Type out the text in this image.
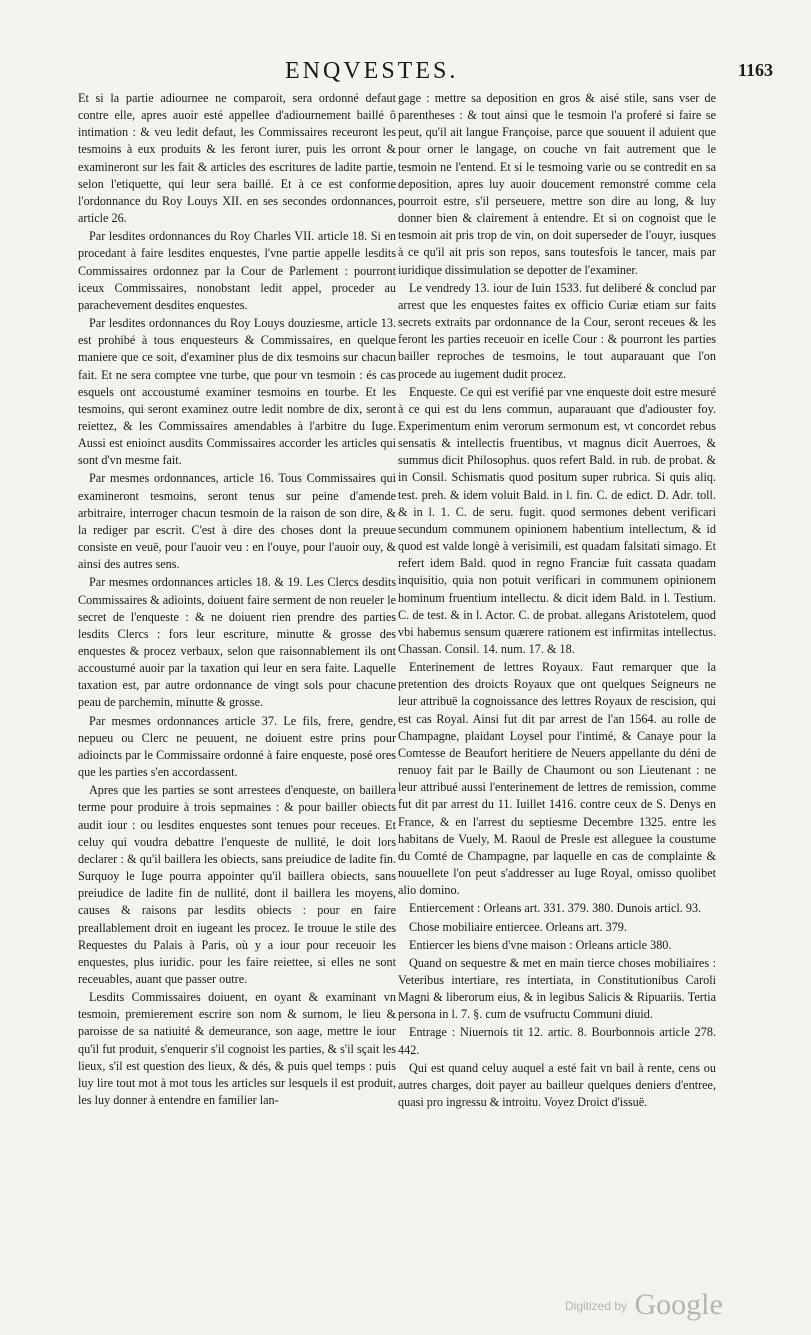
ENQVESTES.	1163

Et si la partie adiournee ne comparoit, sera ordonné defaut contre elle, apres auoir esté appellee d'adiournement baillé ô intimation : & veu ledit defaut, les Commissaires receuront les tesmoins à eux produits & les feront iurer, puis les orront & examineront sur les fait & articles des escritures de ladite partie, selon l'etiquette, qui leur sera baillé. Et à ce est conforme l'ordonnance du Roy Louys XII. en ses secondes ordonnances, article 26.

Par lesdites ordonnances du Roy Charles VII. article 18. Si en procedant à faire lesdites enquestes, l'vne partie appelle lesdits Commissaires ordonnez par la Cour de Parlement : pourront iceux Commissaires, nonobstant ledit appel, proceder au parachevement desdites enquestes.

Par lesdites ordonnances du Roy Louys douziesme, article 13. est prohibé à tous enquesteurs & Commissaires, en quelque maniere que ce soit, d'examiner plus de dix tesmoins sur chacun fait. Et ne sera comptee vne turbe, que pour vn tesmoin : és cas esquels ont accoustumé examiner tesmoins en tourbe. Et les tesmoins, qui seront examinez outre ledit nombre de dix, seront reiettez, & les Commissaires amendables à l'arbitre du Iuge. Aussi est enioinct ausdits Commissaires accorder les articles qui sont d'vn mesme fait.

Par mesmes ordonnances, article 16. Tous Commissaires qui examineront tesmoins, seront tenus sur peine d'amende arbitraire, interroger chacun tesmoin de la raison de son dire, & la rediger par escrit. C'est à dire des choses dont la preuue consiste en veuë, pour l'auoir veu : en l'ouye, pour l'auoir ouy, & ainsi des autres sens.

Par mesmes ordonnances articles 18. & 19. Les Clercs desdits Commissaires & adioints, doiuent faire serment de non reueler le secret de l'enqueste : & ne doiuent rien prendre des parties lesdits Clercs : fors leur escriture, minutte & grosse des enquestes & procez verbaux, selon que raisonnablement ils ont accoustumé auoir par la taxation qui leur en sera faite. Laquelle taxation est, par autre ordonnance de vingt sols pour chacune peau de parchemin, minutte & grosse.

Par mesmes ordonnances article 37. Le fils, frere, gendre, nepueu ou Clerc ne peuuent, ne doiuent estre prins pour adioincts par le Commissaire ordonné à faire enqueste, posé ores que les parties s'en accordassent.

Apres que les parties se sont arrestees d'enqueste, on baillera terme pour produire à trois sepmaines : & pour bailler obiects audit iour : ou lesdites enquestes sont tenues pour receues. Et celuy qui voudra debattre l'enqueste de nullité, le doit lors declarer : & qu'il baillera les obiects, sans preiudice de ladite fin. Surquoy le Iuge pourra appointer qu'il baillera obiects, sans preiudice de ladite fin de nullité, dont il baillera les moyens, causes & raisons par lesdits obiects : pour en faire preallablement droit en iugeant les procez. Ie trouue le stile des Requestes du Palais à Paris, où y a iour pour receuoir les enquestes, plus iuridic. pour les faire reiettee, si elles ne sont receuables, auant que passer outre.

Lesdits Commissaires doiuent, en oyant & examinant vn tesmoin, premierement escrire son nom & surnom, le lieu & paroisse de sa natiuité & demeurance, son aage, mettre le iour qu'il fut produit, s'enquerir s'il cognoist les parties, & s'il sçait les lieux, s'il est question des lieux, & dés, & puis quel temps : puis luy lire tout mot à mot tous les articles sur lesquels il est produit, les luy donner à entendre en familier lan-

gage : mettre sa deposition en gros & aisé stile, sans vser de parentheses : & tout ainsi que le tesmoin l'a proferé si faire se peut, qu'il ait langue Françoise, parce que souuent il aduient que pour orner le langage, on couche vn fait autrement que le tesmoin ne l'entend. Et si le tesmoing varie ou se contredit en sa deposition, apres luy auoir doucement remonstré comme cela pourroit estre, s'il perseuere, mettre son dire au long, & luy donner bien & clairement à entendre. Et si on cognoist que le tesmoin ait pris trop de vin, on doit superseder de l'ouyr, iusques à ce qu'il ait pris son repos, sans toutesfois le tancer, mais par iuridique dissimulation se depotter de l'examiner.

Le vendredy 13. iour de Iuin 1533. fut deliberé & conclud par arrest que les enquestes faites ex officio Curiæ etiam sur faits secrets extraits par ordonnance de la Cour, seront receues & les feront les parties receuoir en icelle Cour : & pourront les parties bailler reproches de tesmoins, le tout auparauant que l'on procede au iugement dudit procez.

Enqueste. Ce qui est verifié par vne enqueste doit estre mesuré à ce qui est du lens commun, auparauant que d'adiouster foy. Experimentum enim verorum sermonum est, vt concordet rebus sensatis & intellectis fruentibus, vt magnus dicit Auerroes, & summus dicit Philosophus. quos refert Bald. in rub. de probat. & in Consil. Schismatis quod positum super rubrica. Si quis aliq. test. preh. & idem voluit Bald. in l. fin. C. de edict. D. Adr. toll. & in l. 1. C. de seru. fugit. quod sermones debent verificari secundum communem opinionem habentium intellectum, & id quod est valde longè à verisimili, est quadam falsitati simago. Et refert idem Bald. quod in regno Franciæ fuit cassata quadam inquisitio, quia non potuit verificari in communem opinionem hominum fruentium intellectu. & dicit idem Bald. in l. Testium. C. de test. & in l. Actor. C. de probat. allegans Aristotelem, quod vbi habemus sensum quærere rationem est infirmitas intellectus. Chassan. Consil. 14. num. 17. & 18.

Enterinement de lettres Royaux. Faut remarquer que la pretention des droicts Royaux que ont quelques Seigneurs ne leur attribuë la cognoissance des lettres Royaux de rescision, qui est cas Royal. Ainsi fut dit par arrest de l'an 1564. au rolle de Champagne, plaidant Loysel pour l'intimé, & Canaye pour la Comtesse de Beaufort heritiere de Neuers appellante du déni de renuoy fait par le Bailly de Chaumont ou son Lieutenant : ne leur attribué aussi l'enterinement de lettres de remission, comme fut dit par arrest du 11. Iuillet 1416. contre ceux de S. Denys en France, & en l'arrest du septiesme Decembre 1325. entre les habitans de Vuely, M. Raoul de Presle est alleguee la coustume du Comté de Champagne, par laquelle en cas de complainte & nouuellete l'on peut s'addresser au Iuge Royal, omisso quolibet alio domino.

Entiercement : Orleans art. 331. 379. 380. Dunois articl. 93.

Chose mobiliaire entiercee. Orleans art. 379.

Entiercer les biens d'vne maison : Orleans article 380.

Quand on sequestre & met en main tierce choses mobiliaires : Veteribus intertiare, res intertiata, in Constitutionibus Caroli Magni & liberorum eius, & in legibus Salicis & Ripuariis. Tertia persona in l. 7. §. cum de vsufructu Communi diuid.

Entrage : Niuernois tit 12. artic. 8. Bourbonnois article 278. 442.

Qui est quand celuy auquel a esté fait vn bail à rente, cens ou autres charges, doit payer au bailleur quelques deniers d'entree, quasi pro ingressu & introitu. Voyez Droict d'issuë.

$^{Digitized by}$ Google
